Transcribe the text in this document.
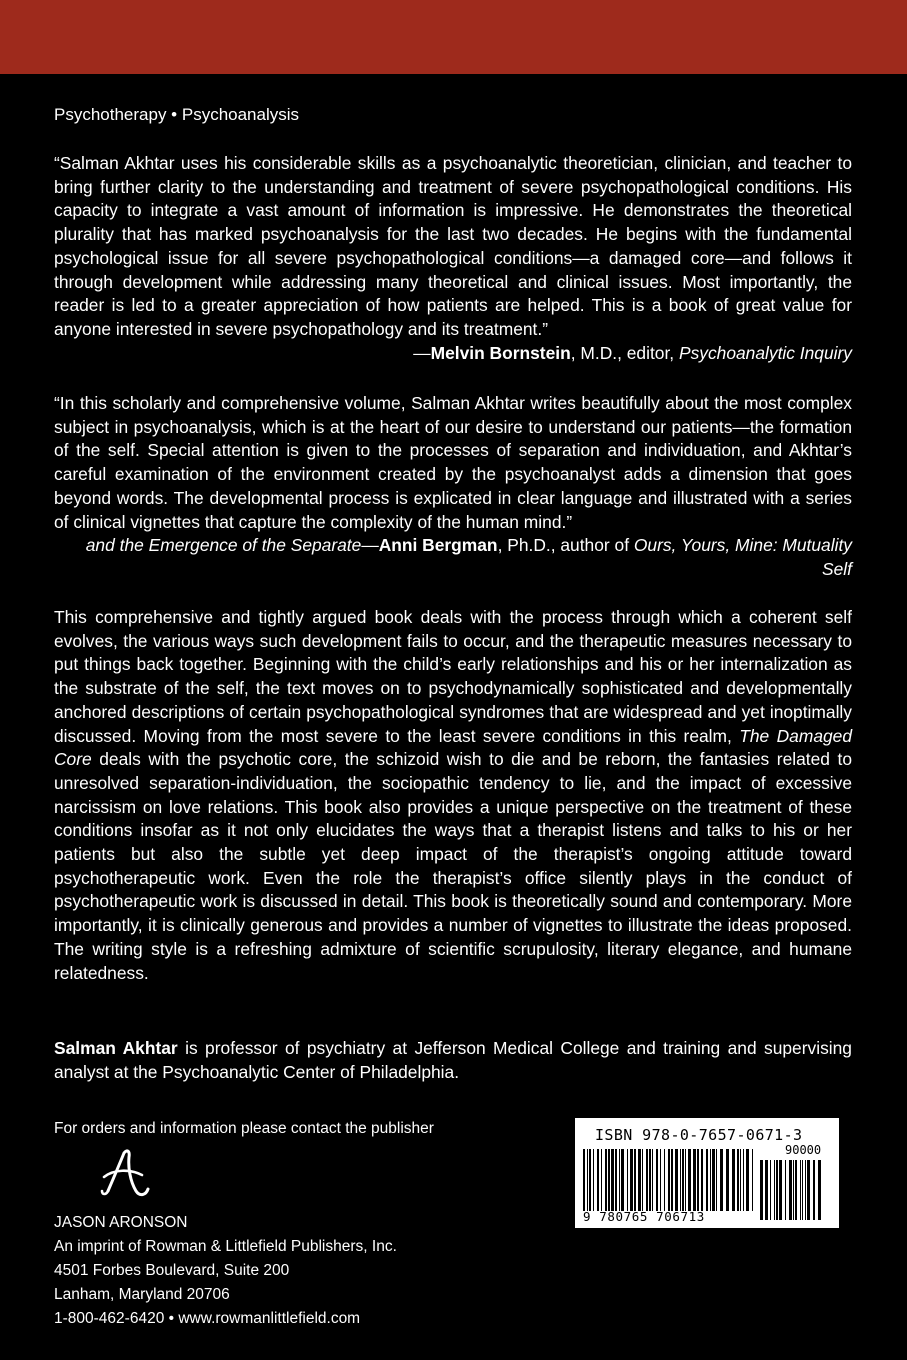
Psychotherapy • Psychoanalysis
“Salman Akhtar uses his considerable skills as a psychoanalytic theoretician, clinician, and teacher to bring further clarity to the understanding and treatment of severe psychopathological conditions. His capacity to integrate a vast amount of information is impressive. He demonstrates the theoretical plurality that has marked psychoanalysis for the last two decades. He begins with the fundamental psychological issue for all severe psychopathological conditions—a damaged core—and follows it through development while addressing many theoretical and clinical issues. Most importantly, the reader is led to a greater appreciation of how patients are helped. This is a book of great value for anyone interested in severe psychopathology and its treatment.”
—Melvin Bornstein, M.D., editor, Psychoanalytic Inquiry
“In this scholarly and comprehensive volume, Salman Akhtar writes beautifully about the most complex subject in psychoanalysis, which is at the heart of our desire to understand our patients—the formation of the self. Special attention is given to the processes of separation and individuation, and Akhtar’s careful examination of the environment created by the psychoanalyst adds a dimension that goes beyond words. The developmental process is explicated in clear language and illustrated with a series of clinical vignettes that capture the complexity of the human mind.”
—Anni Bergman, Ph.D., author of Ours, Yours, Mine: Mutuality
and the Emergence of the Separate Self
This comprehensive and tightly argued book deals with the process through which a coherent self evolves, the various ways such development fails to occur, and the therapeutic measures necessary to put things back together. Beginning with the child’s early relationships and his or her internalization as the substrate of the self, the text moves on to psychodynamically sophisticated and developmentally anchored descriptions of certain psychopathological syndromes that are widespread and yet inoptimally discussed. Moving from the most severe to the least severe conditions in this realm, The Damaged Core deals with the psychotic core, the schizoid wish to die and be reborn, the fantasies related to unresolved separation-individuation, the sociopathic tendency to lie, and the impact of excessive narcissism on love relations. This book also provides a unique perspective on the treatment of these conditions insofar as it not only elucidates the ways that a therapist listens and talks to his or her patients but also the subtle yet deep impact of the therapist’s ongoing attitude toward psychotherapeutic work. Even the role the therapist’s office silently plays in the conduct of psychotherapeutic work is discussed in detail. This book is theoretically sound and contemporary. More importantly, it is clinically generous and provides a number of vignettes to illustrate the ideas proposed. The writing style is a refreshing admixture of scientific scrupulosity, literary elegance, and humane relatedness.
Salman Akhtar is professor of psychiatry at Jefferson Medical College and training and supervising analyst at the Psychoanalytic Center of Philadelphia.
For orders and information please contact the publisher
JASON ARONSON
An imprint of Rowman & Littlefield Publishers, Inc.
4501 Forbes Boulevard, Suite 200
Lanham, Maryland 20706
1-800-462-6420 • www.rowmanlittlefield.com
ISBN 978-0-7657-0671-3
90000
9 780765 706713
